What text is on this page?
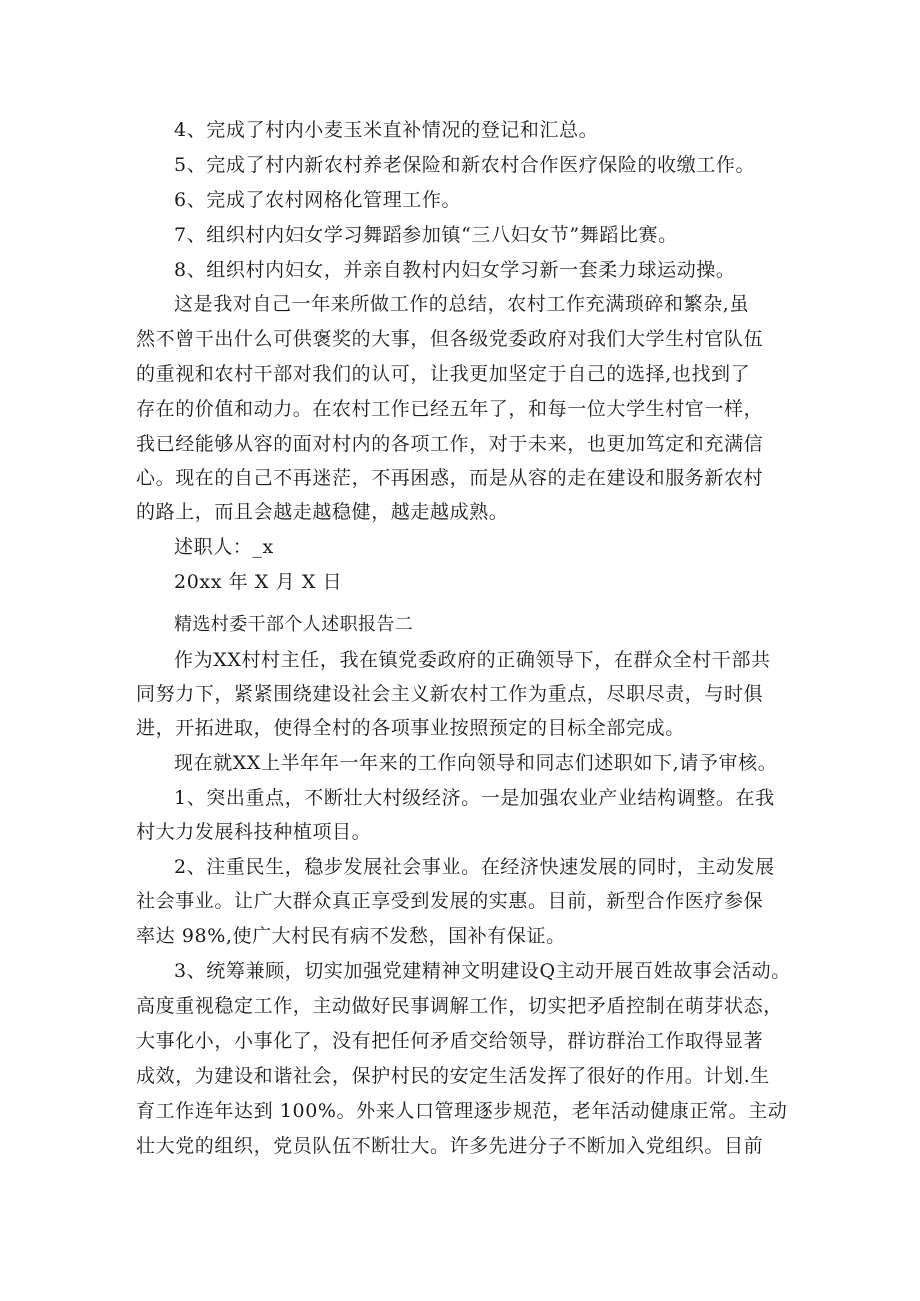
4、完成了村内小麦玉米直补情况的登记和汇总。
5、完成了村内新农村养老保险和新农村合作医疗保险的收缴工作。
6、完成了农村网格化管理工作。
7、组织村内妇女学习舞蹈参加镇“三八妇女节”舞蹈比赛。
8、组织村内妇女，并亲自教村内妇女学习新一套柔力球运动操。
这是我对自己一年来所做工作的总结，农村工作充满琐碎和繁杂,虽
然不曾干出什么可供褒奖的大事，但各级党委政府对我们大学生村官队伍
的重视和农村干部对我们的认可，让我更加坚定于自己的选择,也找到了
存在的价值和动力。在农村工作已经五年了，和每一位大学生村官一样，
我已经能够从容的面对村内的各项工作，对于未来，也更加笃定和充满信
心。现在的自己不再迷茫，不再困惑，而是从容的走在建设和服务新农村
的路上，而且会越走越稳健，越走越成熟。
述职人：_x
20xx 年 X 月 X 日
精选村委干部个人述职报告二
作为XX村村主任，我在镇党委政府的正确领导下，在群众全村干部共
同努力下，紧紧围绕建设社会主义新农村工作为重点，尽职尽责，与时俱
进，开拓进取，使得全村的各项事业按照预定的目标全部完成。
现在就XX上半年年一年来的工作向领导和同志们述职如下,请予审核。
1、突出重点，不断壮大村级经济。一是加强农业产业结构调整。在我
村大力发展科技种植项目。
2、注重民生，稳步发展社会事业。在经济快速发展的同时，主动发展
社会事业。让广大群众真正享受到发展的实惠。目前，新型合作医疗参保
率达 98%,使广大村民有病不发愁，国补有保证。
3、统筹兼顾，切实加强党建精神文明建设Q主动开展百姓故事会活动。
高度重视稳定工作，主动做好民事调解工作，切实把矛盾控制在萌芽状态，
大事化小，小事化了，没有把任何矛盾交给领导，群访群治工作取得显著
成效，为建设和谐社会，保护村民的安定生活发挥了很好的作用。计划.生
育工作连年达到 100%。外来人口管理逐步规范，老年活动健康正常。主动
壮大党的组织，党员队伍不断壮大。许多先进分子不断加入党组织。目前
